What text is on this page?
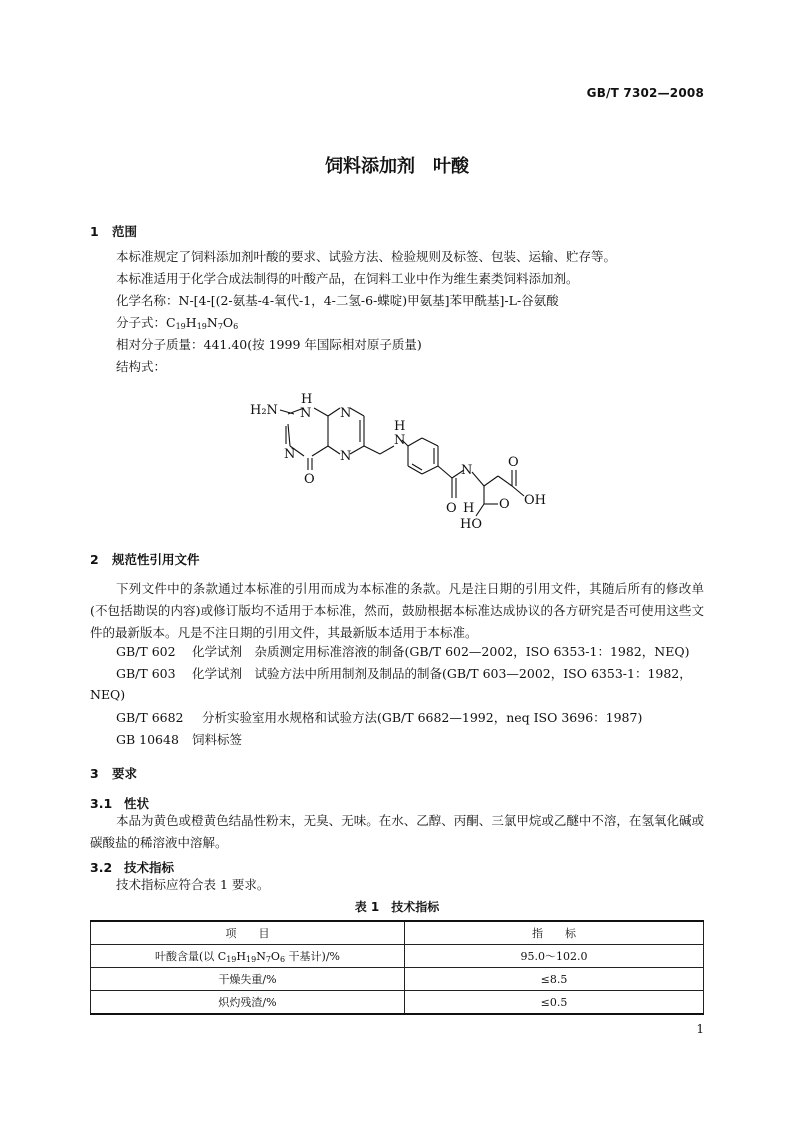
GB/T 7302—2008
饲料添加剂　叶酸
1 范围
本标准规定了饲料添加剂叶酸的要求、试验方法、检验规则及标签、包装、运输、贮存等。
本标准适用于化学合成法制得的叶酸产品，在饲料工业中作为维生素类饲料添加剂。
化学名称：N-[4-[(2-氨基-4-氧代-1，4-二氢-6-蝶啶)甲氨基]苯甲酰基]-L-谷氨酸
分子式：$C_{19}H_{19}N_7O_6$
相对分子质量：441.40(按 1999 年国际相对原子质量)
结构式：
H
N
H₂N
N
N
O
N
H
N
N
O H
O
OH
O
HO
2 规范性引用文件
下列文件中的条款通过本标准的引用而成为本标准的条款。凡是注日期的引用文件，其随后所有的修改单(不包括勘误的内容)或修订版均不适用于本标准，然而，鼓励根据本标准达成协议的各方研究是否可使用这些文件的最新版本。凡是不注日期的引用文件，其最新版本适用于本标准。
GB/T 602 化学试剂　杂质测定用标准溶液的制备(GB/T 602—2002，ISO 6353-1：1982，NEQ)
GB/T 603 化学试剂　试验方法中所用制剂及制品的制备(GB/T 603—2002，ISO 6353-1：1982，
NEQ)
GB/T 6682 分析实验室用水规格和试验方法(GB/T 6682—1992，neq ISO 3696：1987)
GB 10648 饲料标签
3 要求
3.1 性状
本品为黄色或橙黄色结晶性粉末，无臭、无味。在水、乙醇、丙酮、三氯甲烷或乙醚中不溶，在氢氧化碱或碳酸盐的稀溶液中溶解。
3.2 技术指标
技术指标应符合表 1 要求。
表 1　技术指标
项　　目	指　　标
叶酸含量(以 $C_{19}H_{19}N_7O_6$ 干基计)/%	95.0～102.0
干燥失重/%	≤8.5
炽灼残渣/%	≤0.5
1
